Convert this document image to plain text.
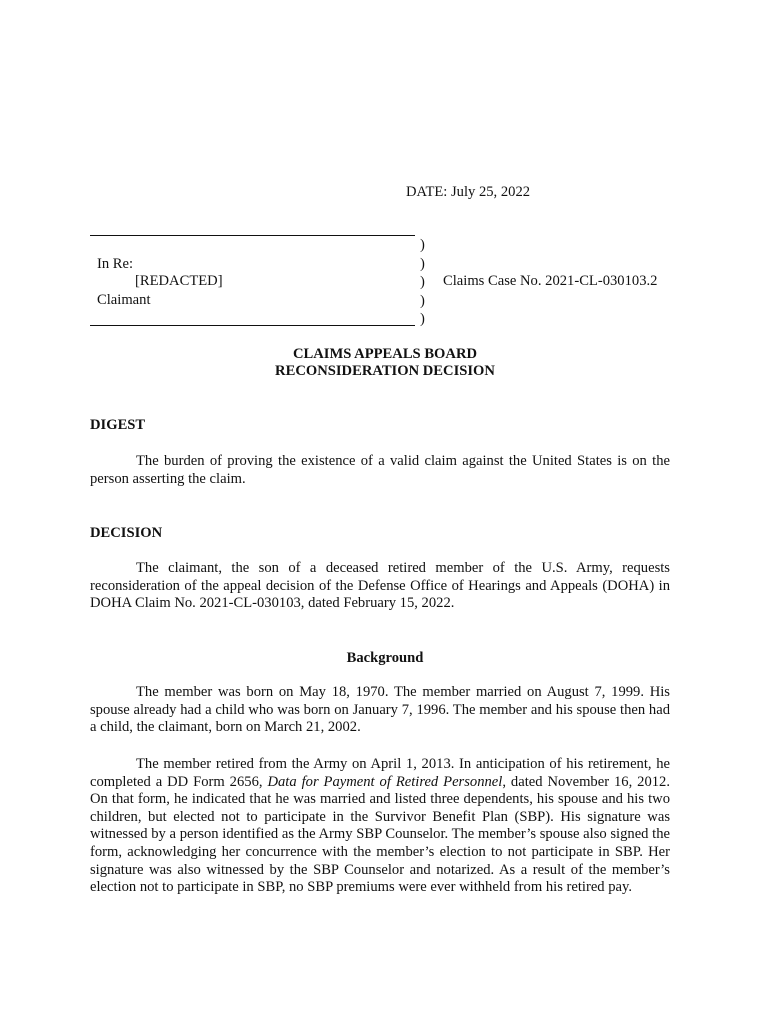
DATE: July 25, 2022
In Re:
[REDACTED]
Claimant
)
)
)
)
)
Claims Case No. 2021-CL-030103.2
CLAIMS APPEALS BOARD
RECONSIDERATION DECISION
DIGEST
The burden of proving the existence of a valid claim against the United States is on the person asserting the claim.
DECISION
The claimant, the son of a deceased retired member of the U.S. Army, requests reconsideration of the appeal decision of the Defense Office of Hearings and Appeals (DOHA) in DOHA Claim No. 2021-CL-030103, dated February 15, 2022.
Background
The member was born on May 18, 1970. The member married on August 7, 1999. His spouse already had a child who was born on January 7, 1996. The member and his spouse then had a child, the claimant, born on March 21, 2002.
The member retired from the Army on April 1, 2013. In anticipation of his retirement, he completed a DD Form 2656, Data for Payment of Retired Personnel, dated November 16, 2012. On that form, he indicated that he was married and listed three dependents, his spouse and his two children, but elected not to participate in the Survivor Benefit Plan (SBP). His signature was witnessed by a person identified as the Army SBP Counselor. The member’s spouse also signed the form, acknowledging her concurrence with the member’s election to not participate in SBP. Her signature was also witnessed by the SBP Counselor and notarized. As a result of the member’s election not to participate in SBP, no SBP premiums were ever withheld from his retired pay.
